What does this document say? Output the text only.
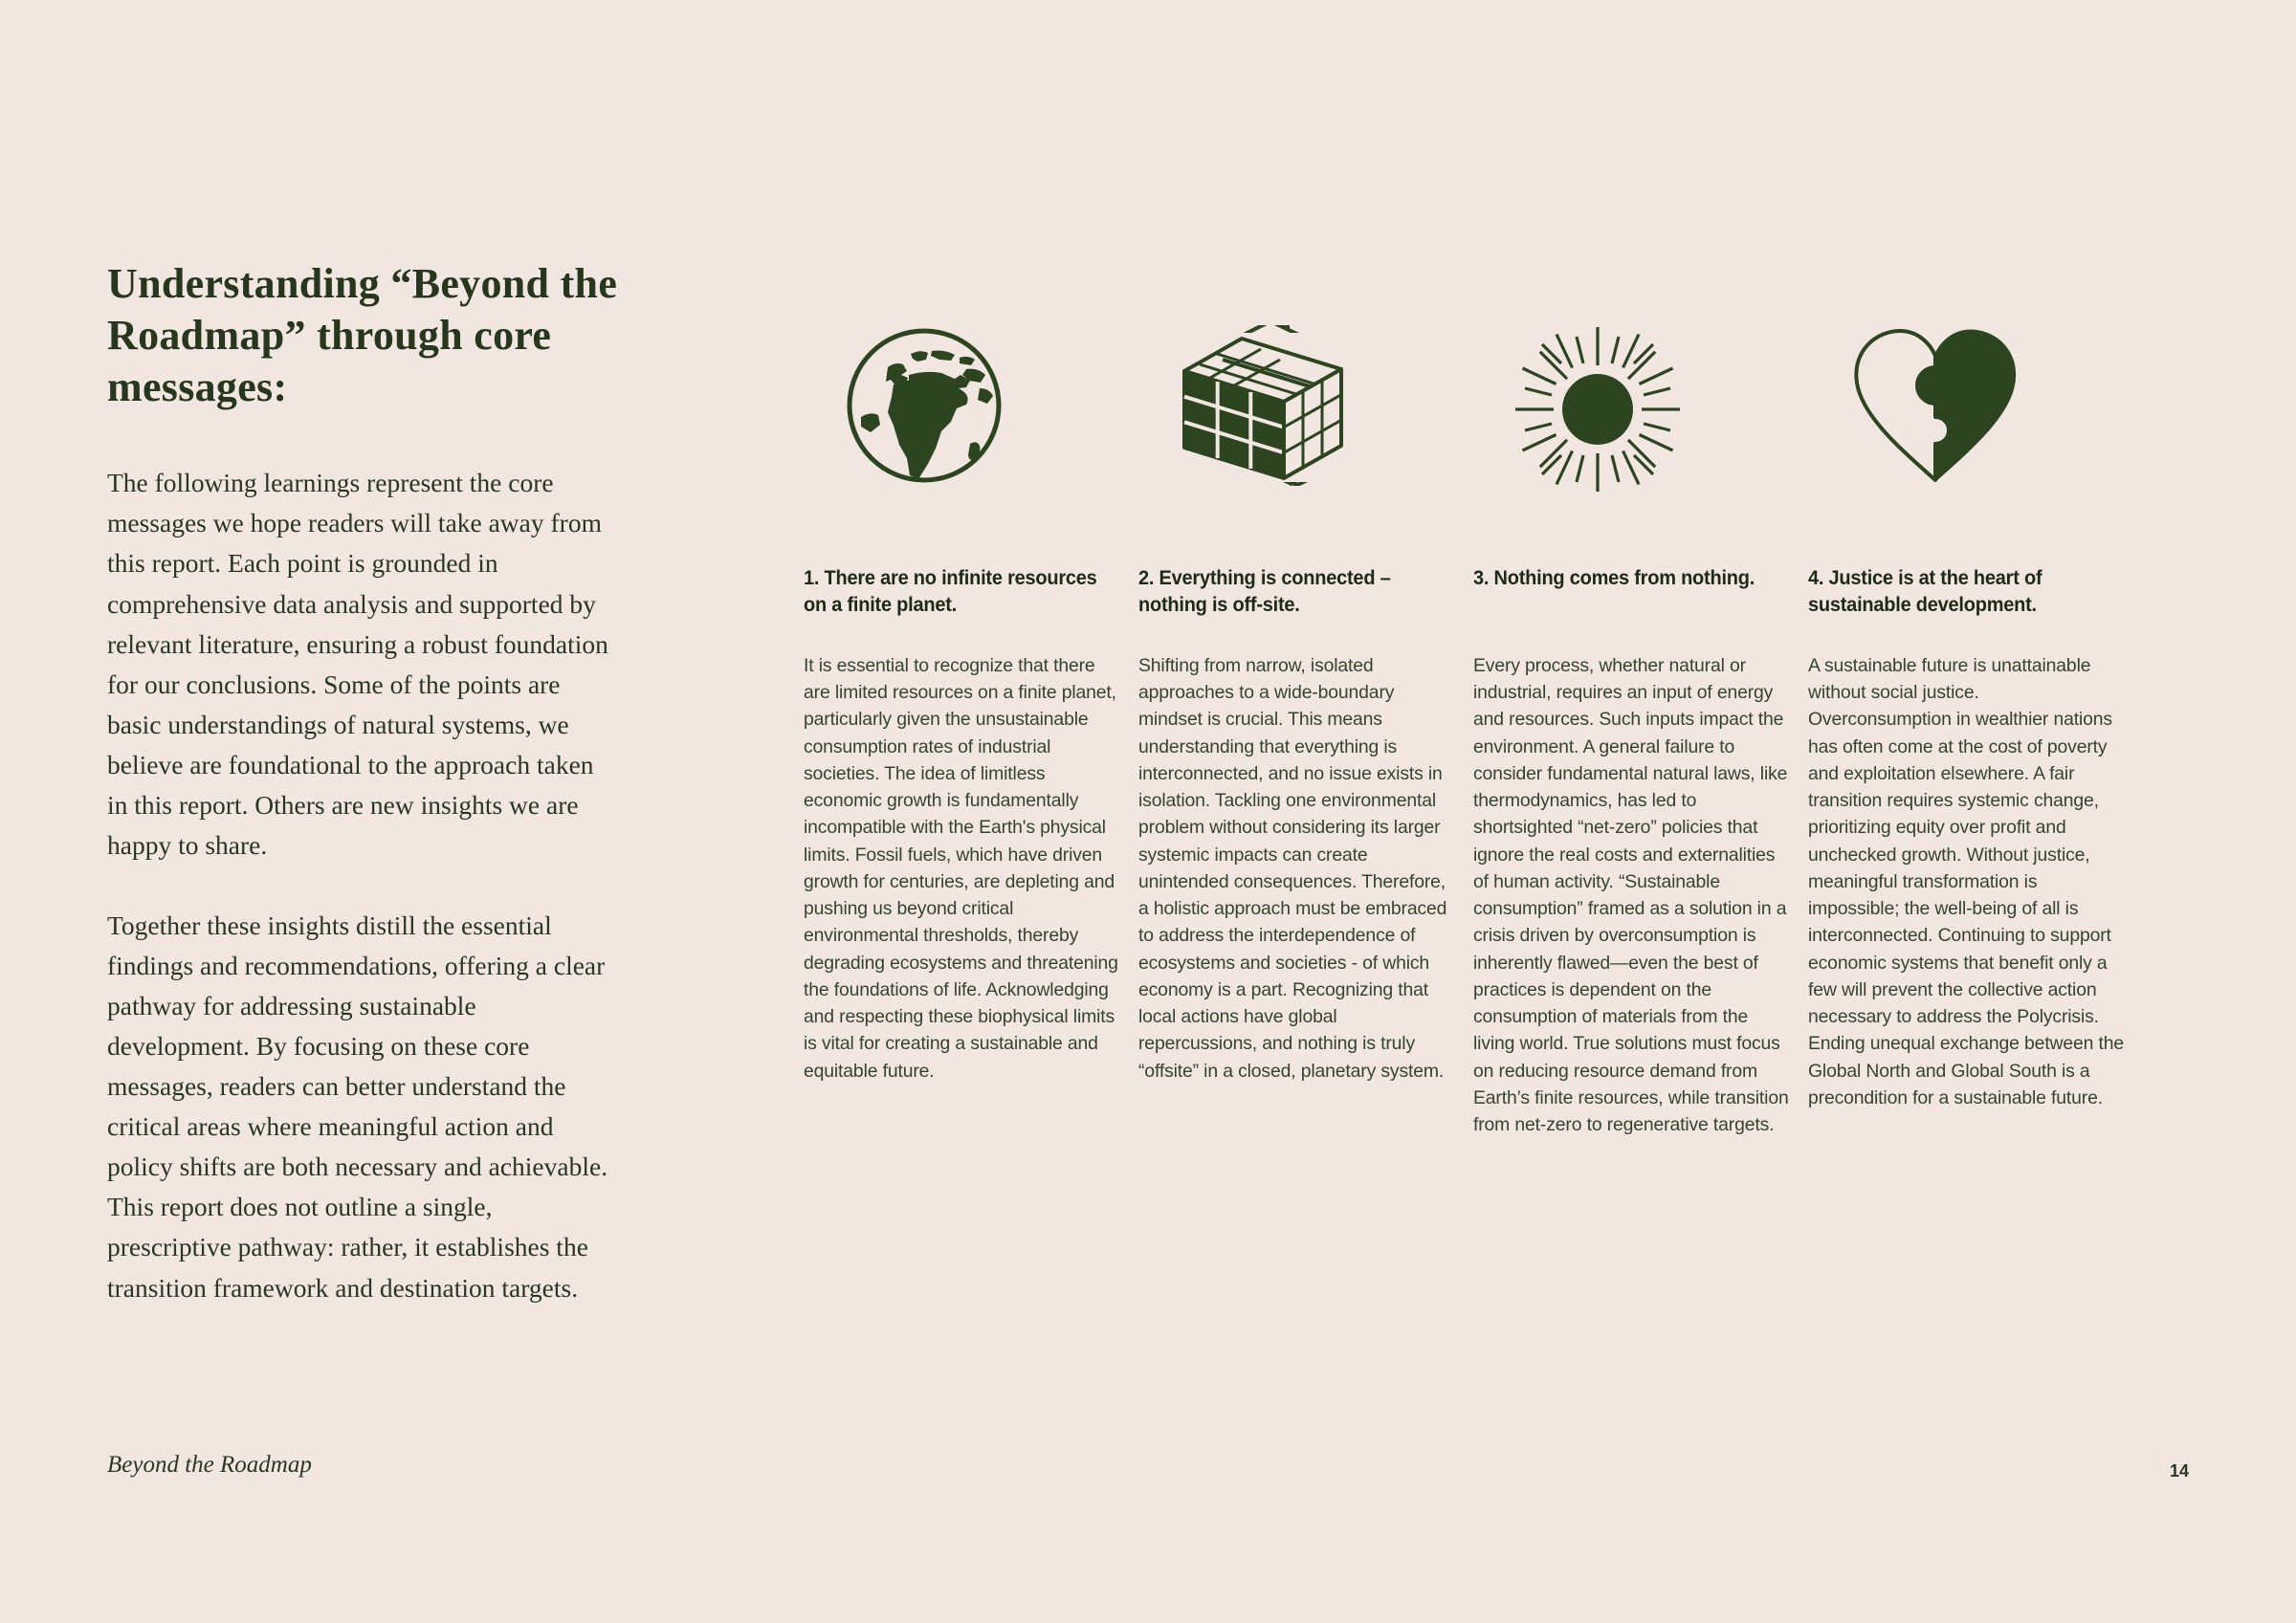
Understanding “Beyond the Roadmap” through core messages:

The following learnings represent the core messages we hope readers will take away from this report. Each point is grounded in comprehensive data analysis and supported by relevant literature, ensuring a robust foundation for our conclusions. Some of the points are basic understandings of natural systems, we believe are foundational to the approach taken in this report. Others are new insights we are happy to share.

Together these insights distill the essential findings and recommendations, offering a clear pathway for addressing sustainable development. By focusing on these core messages, readers can better understand the critical areas where meaningful action and policy shifts are both necessary and achievable. This report does not outline a single, prescriptive pathway: rather, it establishes the transition framework and destination targets.

1. There are no infinite resources on a finite planet.

It is essential to recognize that there are limited resources on a finite planet, particularly given the unsustainable consumption rates of industrial societies. The idea of limitless economic growth is fundamentally incompatible with the Earth's physical limits. Fossil fuels, which have driven growth for centuries, are depleting and pushing us beyond critical environmental thresholds, thereby degrading ecosystems and threatening the foundations of life. Acknowledging and respecting these biophysical limits is vital for creating a sustainable and equitable future.

2. Everything is connected – nothing is off-site.

Shifting from narrow, isolated approaches to a wide-boundary mindset is crucial. This means understanding that everything is interconnected, and no issue exists in isolation. Tackling one environmental problem without considering its larger systemic impacts can create unintended consequences. Therefore, a holistic approach must be embraced to address the interdependence of ecosystems and societies - of which economy is a part. Recognizing that local actions have global repercussions, and nothing is truly “offsite” in a closed, planetary system.

3. Nothing comes from nothing.

Every process, whether natural or industrial, requires an input of energy and resources. Such inputs impact the environment. A general failure to consider fundamental natural laws, like thermodynamics, has led to shortsighted “net-zero” policies that ignore the real costs and externalities of human activity. “Sustainable consumption” framed as a solution in a crisis driven by overconsumption is inherently flawed—even the best of practices is dependent on the consumption of materials from the living world. True solutions must focus on reducing resource demand from Earth’s finite resources, while transition from net-zero to regenerative targets.

4. Justice is at the heart of sustainable development.

A sustainable future is unattainable without social justice. Overconsumption in wealthier nations has often come at the cost of poverty and exploitation elsewhere. A fair transition requires systemic change, prioritizing equity over profit and unchecked growth. Without justice, meaningful transformation is impossible; the well-being of all is interconnected. Continuing to support economic systems that benefit only a few will prevent the collective action necessary to address the Polycrisis. Ending unequal exchange between the Global North and Global South is a precondition for a sustainable future.

Beyond the Roadmap	14
